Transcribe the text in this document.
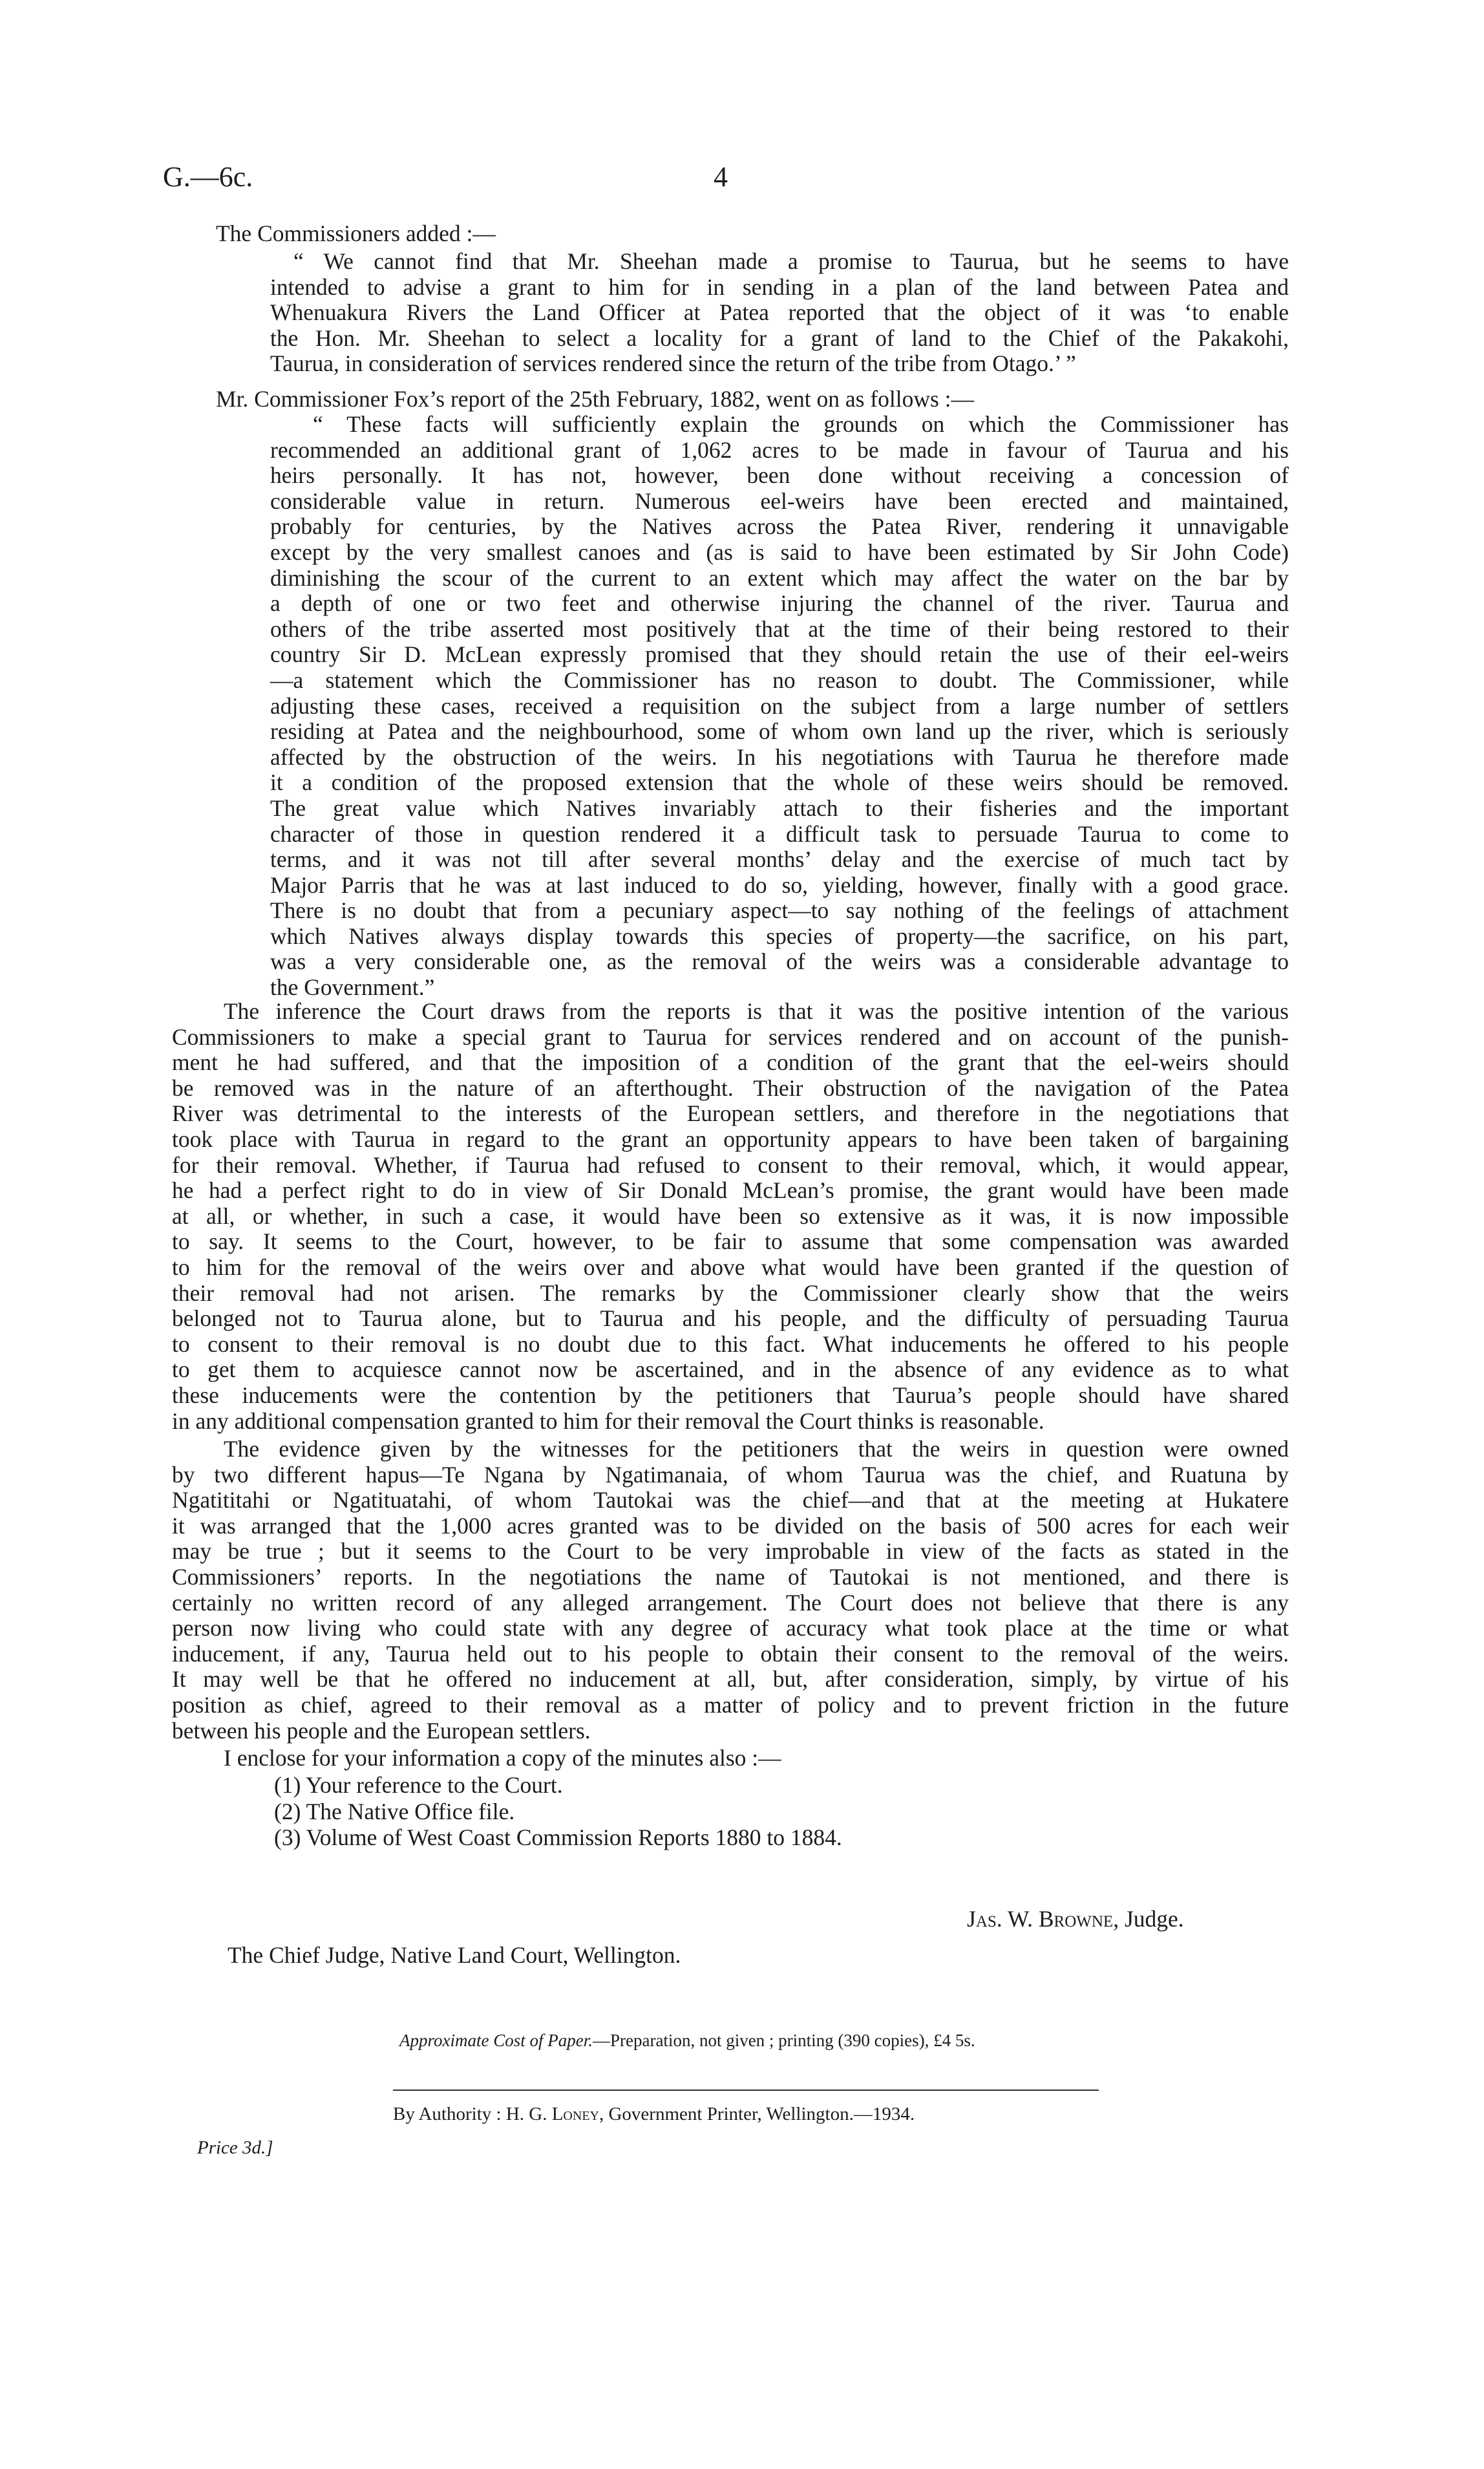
G.—6c.	4
The Commissioners added :—
“ We cannot find that Mr. Sheehan made a promise to Taurua, but he seems to have
intended to advise a grant to him for in sending in a plan of the land between Patea and
Whenuakura Rivers the Land Officer at Patea reported that the object of it was ‘to enable
the Hon. Mr. Sheehan to select a locality for a grant of land to the Chief of the Pakakohi,
Taurua, in consideration of services rendered since the return of the tribe from Otago.’ ”
Mr. Commissioner Fox’s report of the 25th February, 1882, went on as follows :—
“ These facts will sufficiently explain the grounds on which the Commissioner has
recommended an additional grant of 1,062 acres to be made in favour of Taurua and his
heirs personally. It has not, however, been done without receiving a concession of
considerable value in return. Numerous eel-weirs have been erected and maintained,
probably for centuries, by the Natives across the Patea River, rendering it unnavigable
except by the very smallest canoes and (as is said to have been estimated by Sir John Code)
diminishing the scour of the current to an extent which may affect the water on the bar by
a depth of one or two feet and otherwise injuring the channel of the river. Taurua and
others of the tribe asserted most positively that at the time of their being restored to their
country Sir D. McLean expressly promised that they should retain the use of their eel-weirs
—a statement which the Commissioner has no reason to doubt. The Commissioner, while
adjusting these cases, received a requisition on the subject from a large number of settlers
residing at Patea and the neighbourhood, some of whom own land up the river, which is seriously
affected by the obstruction of the weirs. In his negotiations with Taurua he therefore made
it a condition of the proposed extension that the whole of these weirs should be removed.
The great value which Natives invariably attach to their fisheries and the important
character of those in question rendered it a difficult task to persuade Taurua to come to
terms, and it was not till after several months’ delay and the exercise of much tact by
Major Parris that he was at last induced to do so, yielding, however, finally with a good grace.
There is no doubt that from a pecuniary aspect—to say nothing of the feelings of attachment
which Natives always display towards this species of property—the sacrifice, on his part,
was a very considerable one, as the removal of the weirs was a considerable advantage to
the Government.”
The inference the Court draws from the reports is that it was the positive intention of the various
Commissioners to make a special grant to Taurua for services rendered and on account of the punish-
ment he had suffered, and that the imposition of a condition of the grant that the eel-weirs should
be removed was in the nature of an afterthought. Their obstruction of the navigation of the Patea
River was detrimental to the interests of the European settlers, and therefore in the negotiations that
took place with Taurua in regard to the grant an opportunity appears to have been taken of bargaining
for their removal. Whether, if Taurua had refused to consent to their removal, which, it would appear,
he had a perfect right to do in view of Sir Donald McLean’s promise, the grant would have been made
at all, or whether, in such a case, it would have been so extensive as it was, it is now impossible
to say. It seems to the Court, however, to be fair to assume that some compensation was awarded
to him for the removal of the weirs over and above what would have been granted if the question of
their removal had not arisen. The remarks by the Commissioner clearly show that the weirs
belonged not to Taurua alone, but to Taurua and his people, and the difficulty of persuading Taurua
to consent to their removal is no doubt due to this fact. What inducements he offered to his people
to get them to acquiesce cannot now be ascertained, and in the absence of any evidence as to what
these inducements were the contention by the petitioners that Taurua’s people should have shared
in any additional compensation granted to him for their removal the Court thinks is reasonable.
The evidence given by the witnesses for the petitioners that the weirs in question were owned
by two different hapus—Te Ngana by Ngatimanaia, of whom Taurua was the chief, and Ruatuna by
Ngatititahi or Ngatituatahi, of whom Tautokai was the chief—and that at the meeting at Hukatere
it was arranged that the 1,000 acres granted was to be divided on the basis of 500 acres for each weir
may be true ; but it seems to the Court to be very improbable in view of the facts as stated in the
Commissioners’ reports. In the negotiations the name of Tautokai is not mentioned, and there is
certainly no written record of any alleged arrangement. The Court does not believe that there is any
person now living who could state with any degree of accuracy what took place at the time or what
inducement, if any, Taurua held out to his people to obtain their consent to the removal of the weirs.
It may well be that he offered no inducement at all, but, after consideration, simply, by virtue of his
position as chief, agreed to their removal as a matter of policy and to prevent friction in the future
between his people and the European settlers.
I enclose for your information a copy of the minutes also :—
(1) Your reference to the Court.
(2) The Native Office file.
(3) Volume of West Coast Commission Reports 1880 to 1884.
Jas. W. Browne, Judge.
The Chief Judge, Native Land Court, Wellington.
Approximate Cost of Paper.—Preparation, not given ; printing (390 copies), £4 5s.
By Authority : H. G. Loney, Government Printer, Wellington.—1934.
Price 3d.]
